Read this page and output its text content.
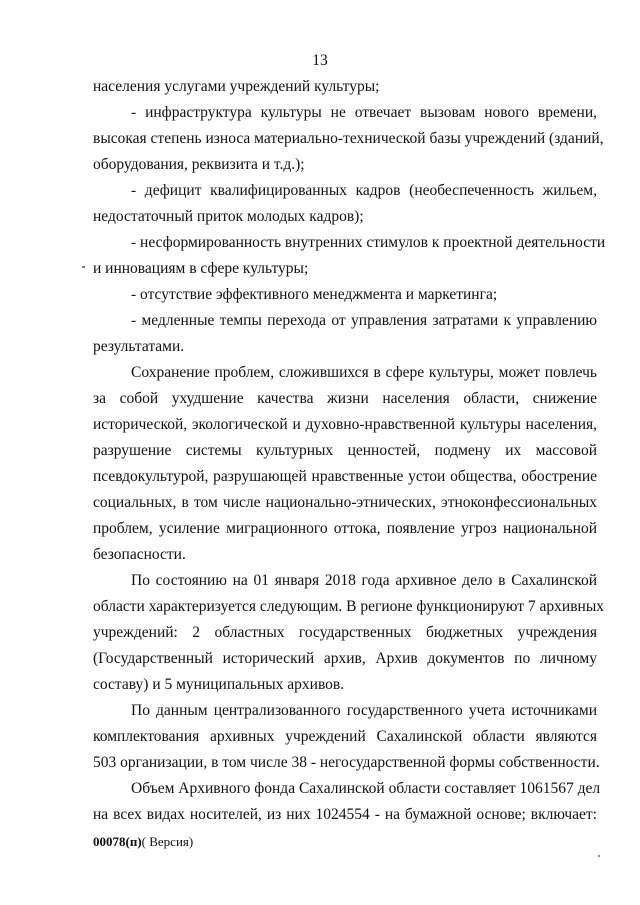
13
населения услугами учреждений культуры;
- инфраструктура культуры не отвечает вызовам нового времени,
высокая степень износа материально-технической базы учреждений (зданий,
оборудования, реквизита и т.д.);
- дефицит квалифицированных кадров (необеспеченность жильем,
недостаточный приток молодых кадров);
- несформированность внутренних стимулов к проектной деятельности
и инновациям в сфере культуры;
- отсутствие эффективного менеджмента и маркетинга;
- медленные темпы перехода от управления затратами к управлению
результатами.
Сохранение проблем, сложившихся в сфере культуры, может повлечь
за собой ухудшение качества жизни населения области, снижение
исторической, экологической и духовно-нравственной культуры населения,
разрушение системы культурных ценностей, подмену их массовой
псевдокультурой, разрушающей нравственные устои общества, обострение
социальных, в том числе национально-этнических, этноконфессиональных
проблем, усиление миграционного оттока, появление угроз национальной
безопасности.
По состоянию на 01 января 2018 года архивное дело в Сахалинской
области характеризуется следующим. В регионе функционируют 7 архивных
учреждений: 2 областных государственных бюджетных учреждения
(Государственный исторический архив, Архив документов по личному
составу) и 5 муниципальных архивов.
По данным централизованного государственного учета источниками
комплектования архивных учреждений Сахалинской области являются
503 организации, в том числе 38 - негосударственной формы собственности.
Объем Архивного фонда Сахалинской области составляет 1061567 дел
на всех видах носителей, из них 1024554 - на бумажной основе; включает:
00078(п)( Версия)
